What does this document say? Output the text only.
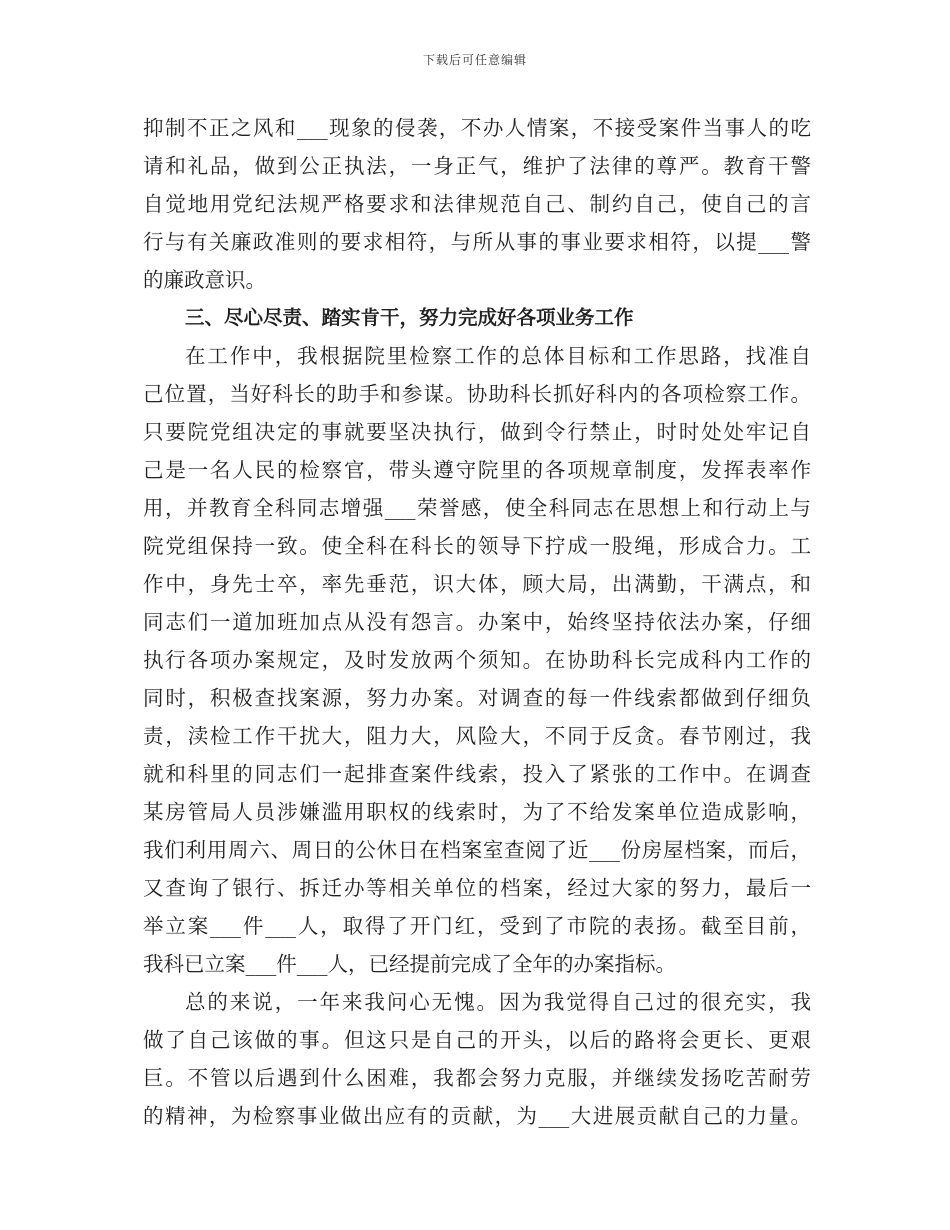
下载后可任意编辑
抑制不正之风和___现象的侵袭，不办人情案，不接受案件当事人的吃
请和礼品，做到公正执法，一身正气，维护了法律的尊严。教育干警
自觉地用党纪法规严格要求和法律规范自己、制约自己，使自己的言
行与有关廉政准则的要求相符，与所从事的事业要求相符，以提___警
的廉政意识。
三、尽心尽责、踏实肯干，努力完成好各项业务工作
在工作中，我根据院里检察工作的总体目标和工作思路，找准自
己位置，当好科长的助手和参谋。协助科长抓好科内的各项检察工作。
只要院党组决定的事就要坚决执行，做到令行禁止，时时处处牢记自
己是一名人民的检察官，带头遵守院里的各项规章制度，发挥表率作
用，并教育全科同志增强___荣誉感，使全科同志在思想上和行动上与
院党组保持一致。使全科在科长的领导下拧成一股绳，形成合力。工
作中，身先士卒，率先垂范，识大体，顾大局，出满勤，干满点，和
同志们一道加班加点从没有怨言。办案中，始终坚持依法办案，仔细
执行各项办案规定，及时发放两个须知。在协助科长完成科内工作的
同时，积极查找案源，努力办案。对调查的每一件线索都做到仔细负
责，渎检工作干扰大，阻力大，风险大，不同于反贪。春节刚过，我
就和科里的同志们一起排查案件线索，投入了紧张的工作中。在调查
某房管局人员涉嫌滥用职权的线索时，为了不给发案单位造成影响，
我们利用周六、周日的公休日在档案室查阅了近___份房屋档案，而后，
又查询了银行、拆迁办等相关单位的档案，经过大家的努力，最后一
举立案___件___人，取得了开门红，受到了市院的表扬。截至目前，
我科已立案___件___人，已经提前完成了全年的办案指标。
总的来说，一年来我问心无愧。因为我觉得自己过的很充实，我
做了自己该做的事。但这只是自己的开头，以后的路将会更长、更艰
巨。不管以后遇到什么困难，我都会努力克服，并继续发扬吃苦耐劳
的精神，为检察事业做出应有的贡献，为___大进展贡献自己的力量。
